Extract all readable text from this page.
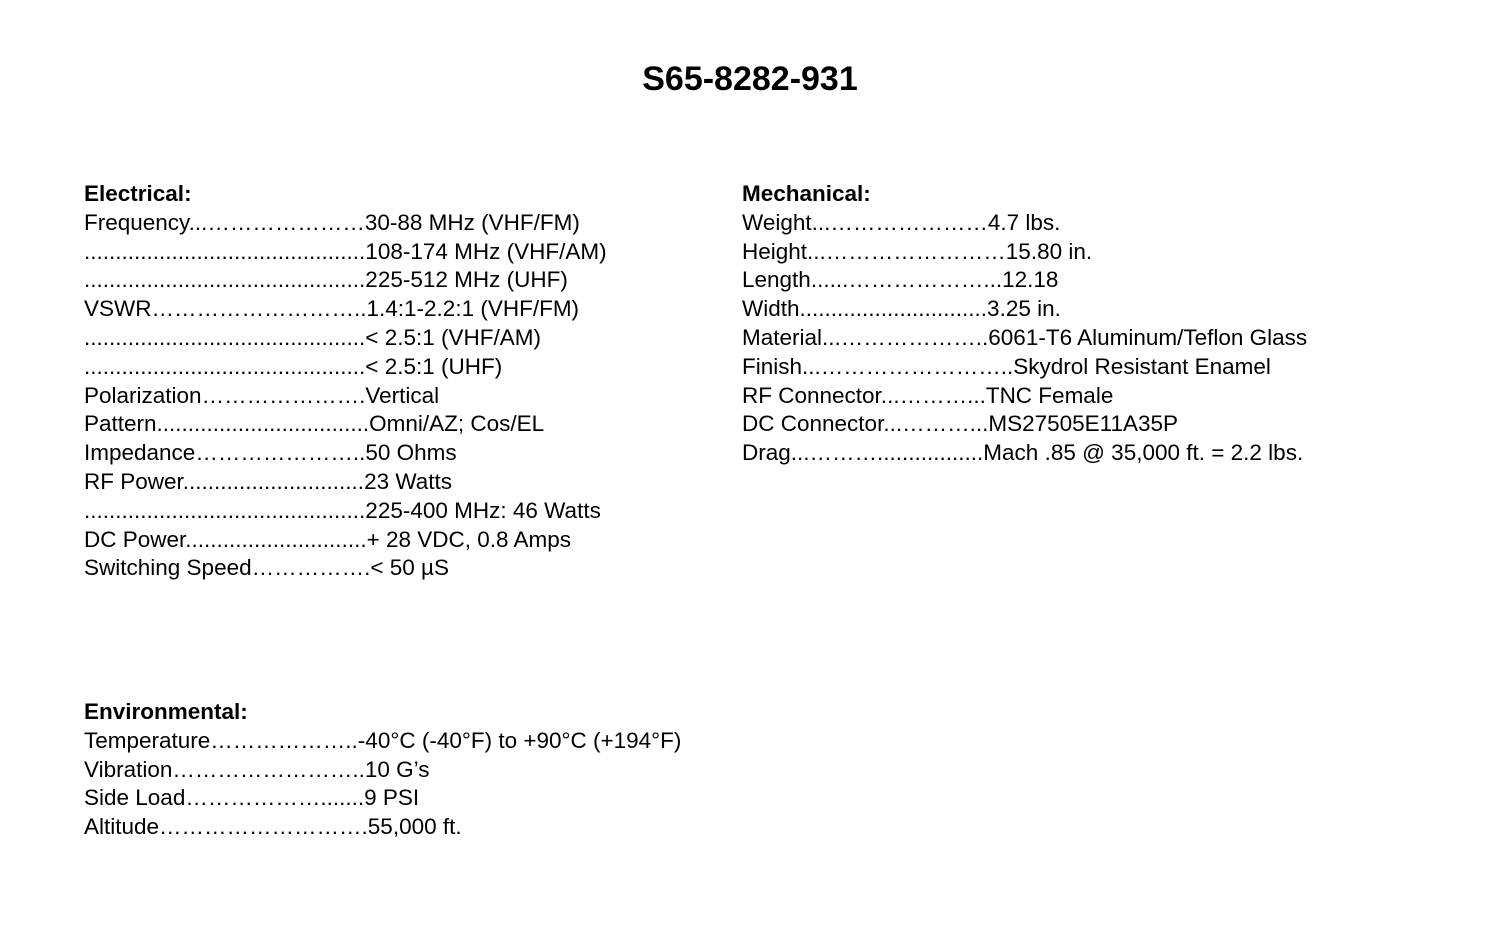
S65-8282-931
Electrical:
Frequency...…………………30-88 MHz (VHF/FM)
.............................................108-174 MHz (VHF/AM)
.............................................225-512 MHz (UHF)
VSWR………………………..1.4:1-2.2:1 (VHF/FM)
.............................................< 2.5:1 (VHF/AM)
.............................................< 2.5:1 (UHF)
Polarization………………….Vertical
Pattern..................................Omni/AZ; Cos/EL
Impedance…………………..50 Ohms
RF Power.............................23 Watts
.............................................225-400 MHz: 46 Watts
DC Power.............................+ 28 VDC, 0.8 Amps
Switching Speed…………….< 50 µS
Mechanical:
Weight...…………………4.7 lbs.
Height...……………………15.80 in.
Length......………………...12.18
Width..............................3.25 in.
Material...………………..6061-T6 Aluminum/Teflon Glass
Finish...……………………..Skydrol Resistant Enamel
RF Connector...………...TNC Female
DC Connector...………...MS27505E11A35P
Drag...……….................Mach .85 @ 35,000 ft. = 2.2 lbs.
Environmental:
Temperature………………..-40°C (-40°F) to +90°C (+194°F)
Vibration……………………..10 G’s
Side Load……………….......9 PSI
Altitude……………………….55,000 ft.
